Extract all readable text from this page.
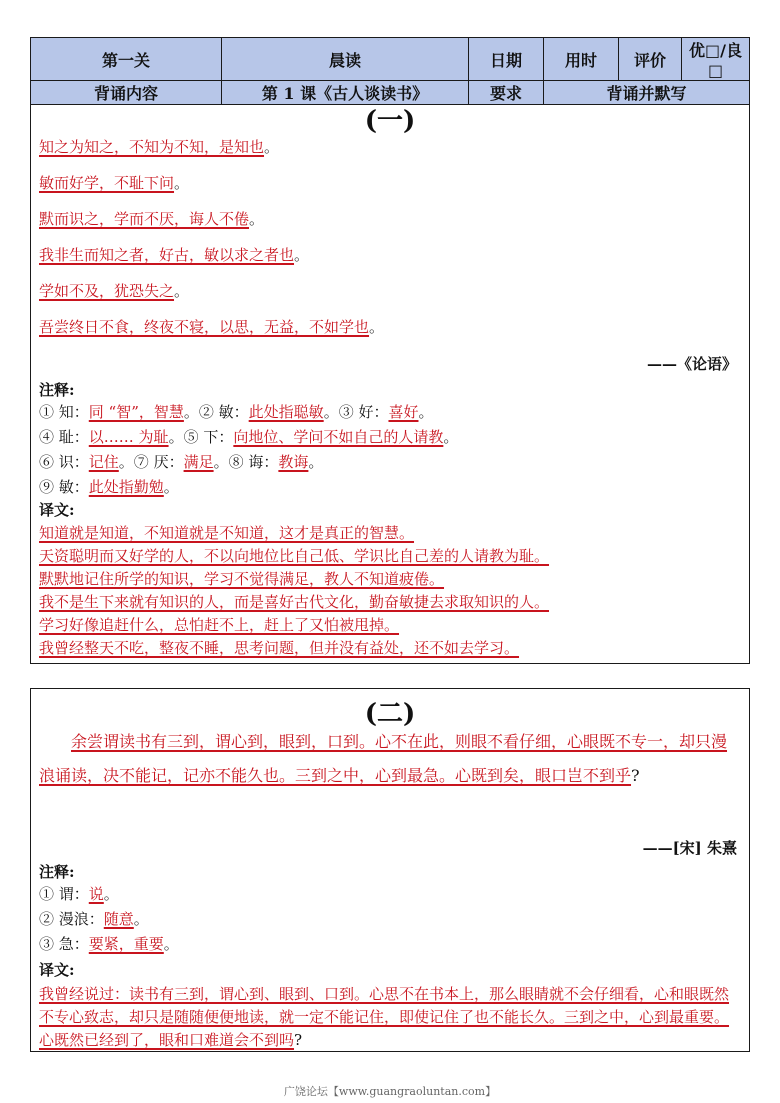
第一关	晨读	日期	用时	评价	优□/良□
背诵内容	第 1 课《古人谈读书》	要求	背诵并默写		
(一)
知之为知之，不知为不知，是知也。
敏而好学，不耻下问。
默而识之，学而不厌，诲人不倦。
我非生而知之者，好古，敏以求之者也。
学如不及，犹恐失之。
吾尝终日不食，终夜不寝，以思，无益，不如学也。
——《论语》
注释:
① 知：同 “智”，智慧。② 敏：此处指聪敏。③ 好：喜好。
④ 耻：以…… 为耻。⑤ 下：向地位、学问不如自己的人请教。
⑥ 识：记住。⑦ 厌：满足。⑧ 诲：教诲。
⑨ 敏：此处指勤勉。
译文:
知道就是知道，不知道就是不知道，这才是真正的智慧。
天资聪明而又好学的人，不以向地位比自己低、学识比自己差的人请教为耻。
默默地记住所学的知识，学习不觉得满足，教人不知道疲倦。
我不是生下来就有知识的人，而是喜好古代文化，勤奋敏捷去求取知识的人。
学习好像追赶什么，总怕赶不上，赶上了又怕被甩掉。
我曾经整天不吃，整夜不睡，思考问题，但并没有益处，还不如去学习。
(二)
余尝谓读书有三到，谓心到，眼到，口到。心不在此，则眼不看仔细，心眼既不专一，却只漫浪诵读，决不能记，记亦不能久也。三到之中，心到最急。心既到矣，眼口岂不到乎?
——[宋] 朱熹
注释:
① 谓：说。
② 漫浪：随意。
③ 急：要紧，重要。
译文:
我曾经说过：读书有三到，谓心到、眼到、口到。心思不在书本上，那么眼睛就不会仔细看，心和眼既然不专心致志，却只是随随便便地读，就一定不能记住，即使记住了也不能长久。三到之中，心到最重要。心既然已经到了，眼和口难道会不到吗?
广饶论坛【www.guangraoluntan.com】
